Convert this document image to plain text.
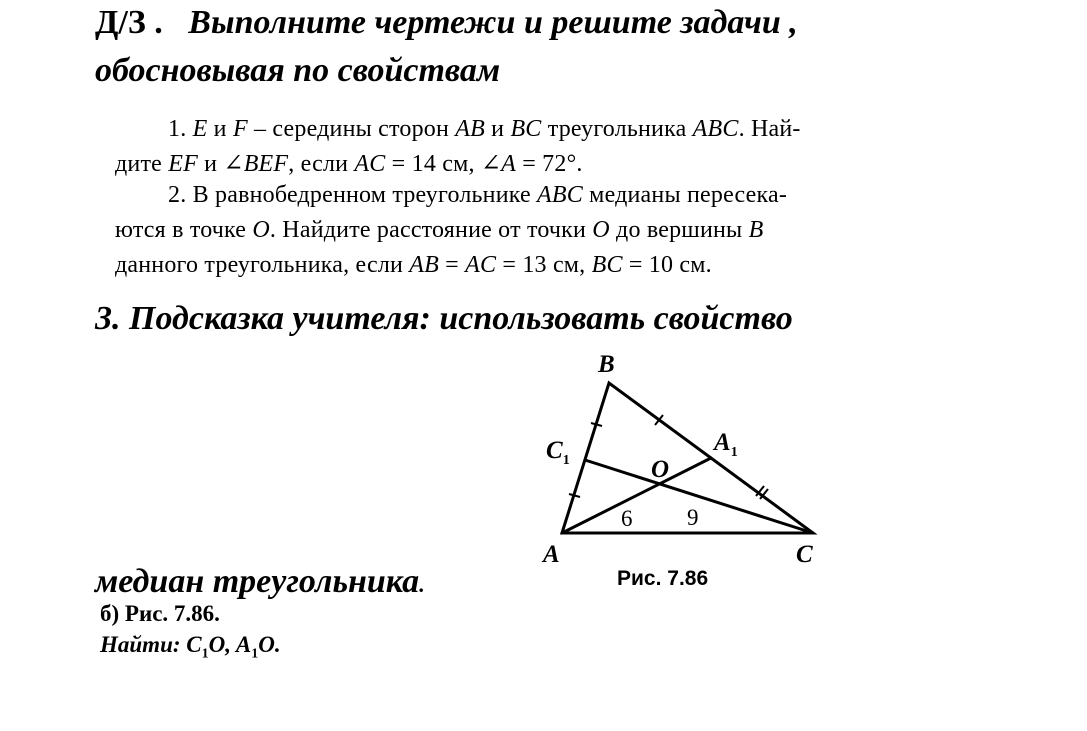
Д/З . Выполните чертежи и решите задачи ,
обосновывая по свойствам
1. E и F – середины сторон AB и BC треугольника ABC. Най-
дите EF и ∠BEF, если AC = 14 см, ∠A = 72°.
2. В равнобедренном треугольнике ABC медианы пересека-
ются в точке O. Найдите расстояние от точки O до вершины B
данного треугольника, если AB = AC = 13 см, BC = 10 см.
3. Подсказка учителя: использовать свойство
медиан треугольника.
B
$C_1$
$A_1$
O
A	C
6 9
Рис. 7.86
б) Рис. 7.86.
Найти: $C_1O$, $A_1O$.
